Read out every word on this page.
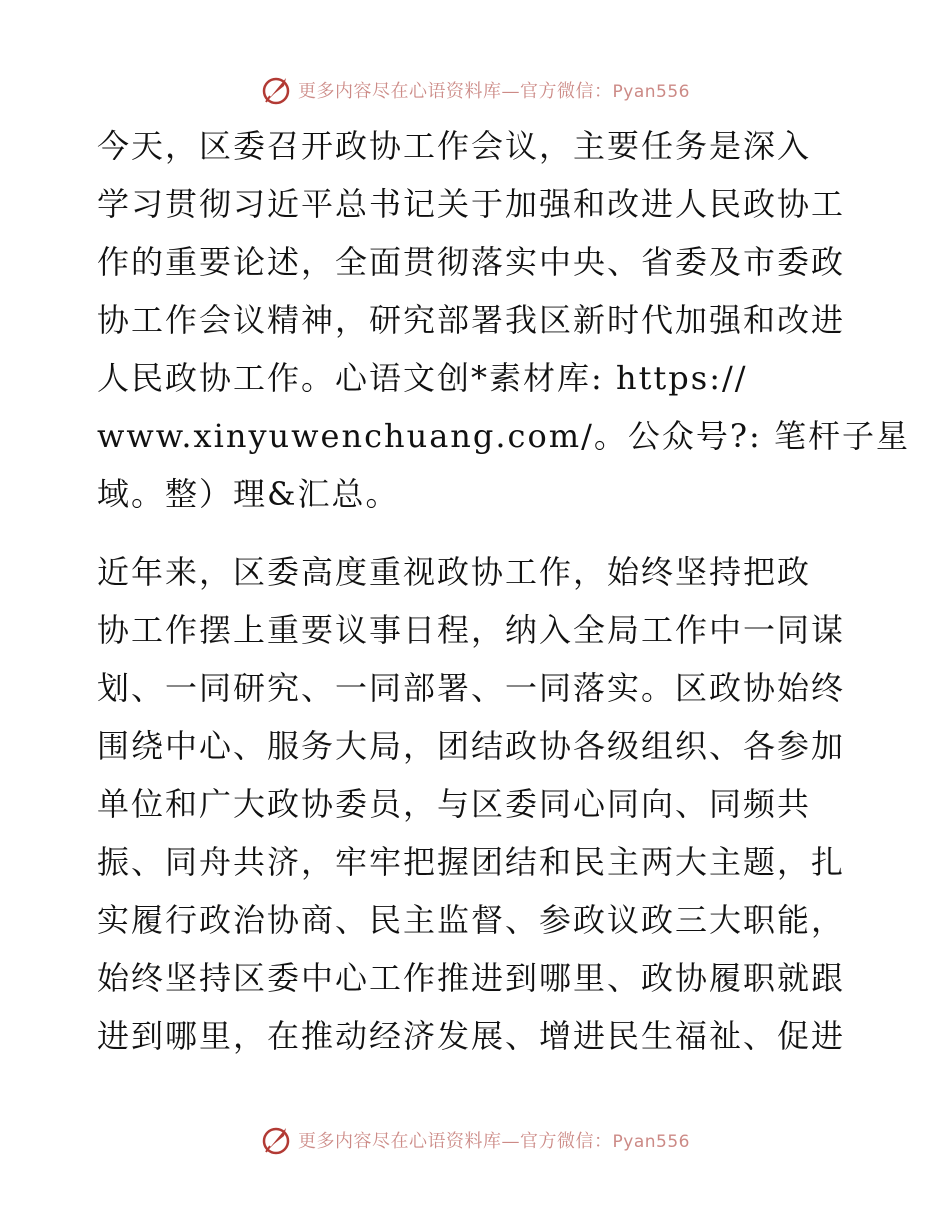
更多内容尽在心语资料库—官方微信：Pyan556
今天，区委召开政协工作会议，主要任务是深入
学习贯彻习近平总书记关于加强和改进人民政协工
作的重要论述，全面贯彻落实中央、省委及市委政
协工作会议精神，研究部署我区新时代加强和改进
人民政协工作。心语文创*素材库: https://
www.xinyuwenchuang.com/。公众号?: 笔杆子星
域。整）理&汇总。
近年来，区委高度重视政协工作，始终坚持把政
协工作摆上重要议事日程，纳入全局工作中一同谋
划、一同研究、一同部署、一同落实。区政协始终
围绕中心、服务大局，团结政协各级组织、各参加
单位和广大政协委员，与区委同心同向、同频共
振、同舟共济，牢牢把握团结和民主两大主题，扎
实履行政治协商、民主监督、参政议政三大职能，
始终坚持区委中心工作推进到哪里、政协履职就跟
进到哪里，在推动经济发展、增进民生福祉、促进
更多内容尽在心语资料库—官方微信：Pyan556
